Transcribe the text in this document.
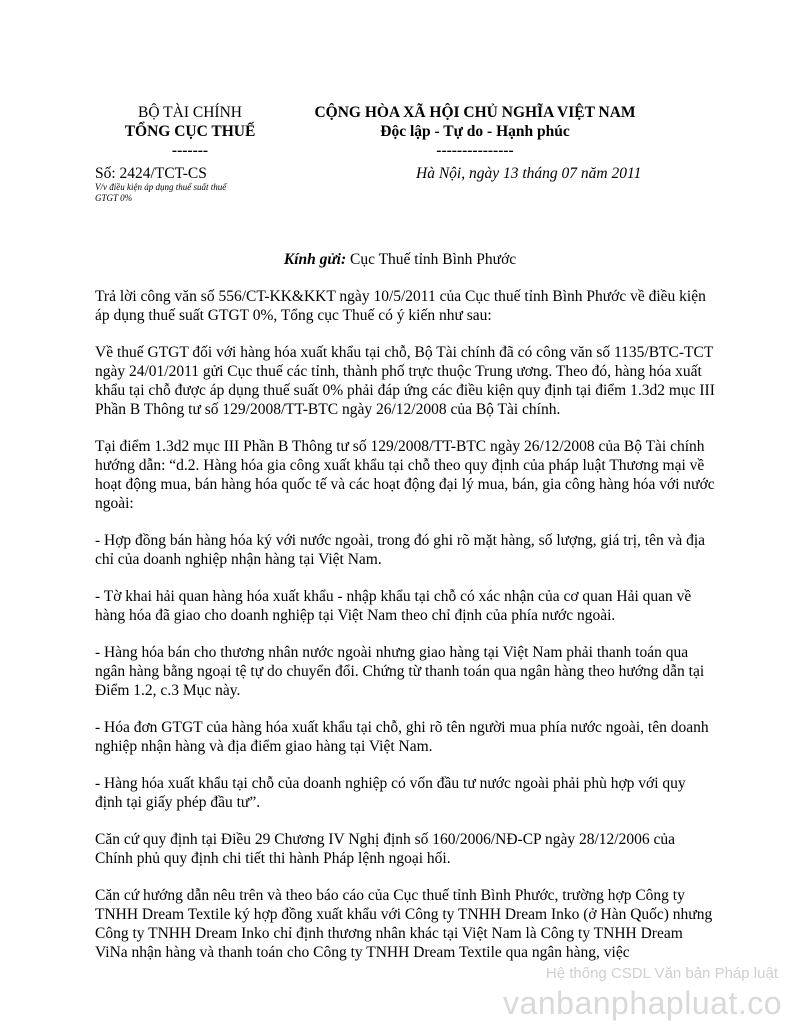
BỘ TÀI CHÍNH
TỔNG CỤC THUẾ
-------
CỘNG HÒA XÃ HỘI CHỦ NGHĨA VIỆT NAM
Độc lập - Tự do - Hạnh phúc
---------------
Số: 2424/TCT-CS
V/v điều kiện áp dụng thuế suất thuế
GTGT 0%
Hà Nội, ngày 13 tháng 07 năm 2011
Kính gửi: Cục Thuế tỉnh Bình Phước

Trả lời công văn số 556/CT-KK&KKT ngày 10/5/2011 của Cục thuế tỉnh Bình Phước về điều kiện áp dụng thuế suất GTGT 0%, Tổng cục Thuế có ý kiến như sau:

Về thuế GTGT đối với hàng hóa xuất khẩu tại chỗ, Bộ Tài chính đã có công văn số 1135/BTC-TCT ngày 24/01/2011 gửi Cục thuế các tỉnh, thành phố trực thuộc Trung ương. Theo đó, hàng hóa xuất khẩu tại chỗ được áp dụng thuế suất 0% phải đáp ứng các điều kiện quy định tại điểm 1.3d2 mục III Phần B Thông tư số 129/2008/TT-BTC ngày 26/12/2008 của Bộ Tài chính.

Tại điểm 1.3d2 mục III Phần B Thông tư số 129/2008/TT-BTC ngày 26/12/2008 của Bộ Tài chính hướng dẫn: “d.2. Hàng hóa gia công xuất khẩu tại chỗ theo quy định của pháp luật Thương mại về hoạt động mua, bán hàng hóa quốc tế và các hoạt động đại lý mua, bán, gia công hàng hóa với nước ngoài:

- Hợp đồng bán hàng hóa ký với nước ngoài, trong đó ghi rõ mặt hàng, số lượng, giá trị, tên và địa chỉ của doanh nghiệp nhận hàng tại Việt Nam.

- Tờ khai hải quan hàng hóa xuất khẩu - nhập khẩu tại chỗ có xác nhận của cơ quan Hải quan về hàng hóa đã giao cho doanh nghiệp tại Việt Nam theo chỉ định của phía nước ngoài.

- Hàng hóa bán cho thương nhân nước ngoài nhưng giao hàng tại Việt Nam phải thanh toán qua ngân hàng bằng ngoại tệ tự do chuyển đổi. Chứng từ thanh toán qua ngân hàng theo hướng dẫn tại Điểm 1.2, c.3 Mục này.

- Hóa đơn GTGT của hàng hóa xuất khẩu tại chỗ, ghi rõ tên người mua phía nước ngoài, tên doanh nghiệp nhận hàng và địa điểm giao hàng tại Việt Nam.

- Hàng hóa xuất khẩu tại chỗ của doanh nghiệp có vốn đầu tư nước ngoài phải phù hợp với quy định tại giấy phép đầu tư”.

Căn cứ quy định tại Điều 29 Chương IV Nghị định số 160/2006/NĐ-CP ngày 28/12/2006 của Chính phủ quy định chi tiết thi hành Pháp lệnh ngoại hối.

Căn cứ hướng dẫn nêu trên và theo báo cáo của Cục thuế tỉnh Bình Phước, trường hợp Công ty TNHH Dream Textile ký hợp đồng xuất khẩu với Công ty TNHH Dream Inko (ở Hàn Quốc) nhưng Công ty TNHH Dream Inko chỉ định thương nhân khác tại Việt Nam là Công ty TNHH Dream ViNa nhận hàng và thanh toán cho Công ty TNHH Dream Textile qua ngân hàng, việc

Hệ thống CSDL Văn bản Pháp luật
vanbanphapluat.co
